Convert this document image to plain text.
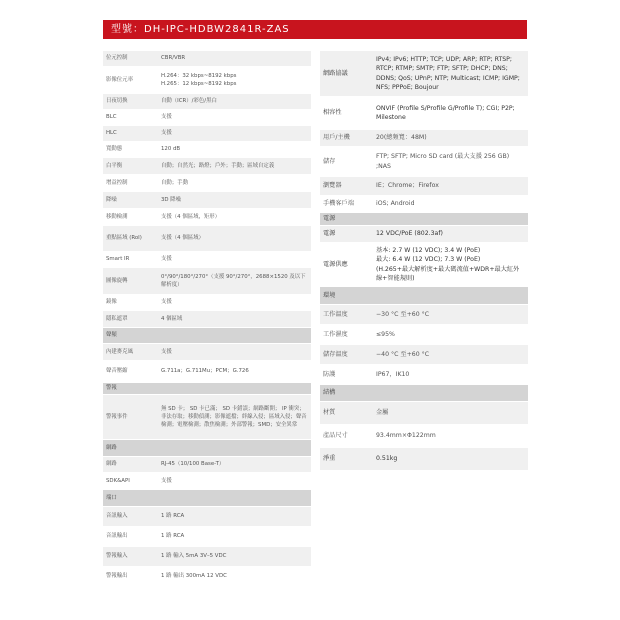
型號：DH-IPC-HDBW2841R-ZAS
位元控制	CBR/VBR
影像位元率
H.264：32 kbps~8192 kbps
H.265：12 kbps~8192 kbps
日夜切換	自動（ICR）/彩色/黑白
BLC	支援
HLC	支援
寬動態	120 dB
白平衡	自動；自然光；路燈；戶外；手動；區域自定義
增益控制	自動；手動
降噪	3D 降噪
移動檢測	支援（4 個區域，矩形）
重點區域 (RoI)	支援（4 個區域）
Smart IR	支援
圖像旋轉
0°/90°/180°/270°（支援 90°/270°，2688×1520 及以下解析度）
鏡像	支援
隱私遮罩	4 個區域
聲頻
內建麥克風	支援
聲音壓縮	G.711a；G.711Mu；PCM；G.726
警報
警報事件
無 SD 卡； SD 卡已滿； SD 卡錯誤；網路斷開； IP 衝突；非法存取；移動偵測；影像遮擋；絆線入侵；區域入侵；聲音檢測；電壓檢測；散焦檢測；外部警報；SMD；安全異常
網路
網路	RJ-45（10/100 Base-T）
SDK&API	支援
端口
音訊輸入	1 路 RCA
音訊輸出	1 路 RCA
警報輸入	1 路 輸入 5mA 3V–5 VDC
警報輸出	1 路 輸出 300mA 12 VDC
網路協議
IPv4; IPv6; HTTP; TCP; UDP; ARP; RTP; RTSP; RTCP; RTMP; SMTP; FTP; SFTP; DHCP; DNS; DDNS; QoS; UPnP; NTP; Multicast; ICMP; IGMP; NFS; PPPoE; Boujour
相容性
ONVIF (Profile S/Profile G/Profile T); CGI; P2P; Milestone
用戶/主機	20(總頻寬：48M)
儲存
FTP; SFTP; Micro SD card (最大支援 256 GB) ;NAS
瀏覽器	IE；Chrome；Firefox
手機客戶端	iOS; Android
電源
電源	12 VDC/PoE (802.3af)
電源供應
基本: 2.7 W (12 VDC); 3.4 W (PoE)
最大: 6.4 W (12 VDC); 7.3 W (PoE)
(H.265+最大解析度+最大碼流值+WDR+最大紅外線+智能規則)
環境
工作溫度	−30 °C 至+60 °C
工作濕度	≤95%
儲存溫度	−40 °C 至+60 °C
防護	IP67，IK10
結構
材質	金屬
產品尺寸	93.4mm×Φ122mm
淨重	0.51kg
